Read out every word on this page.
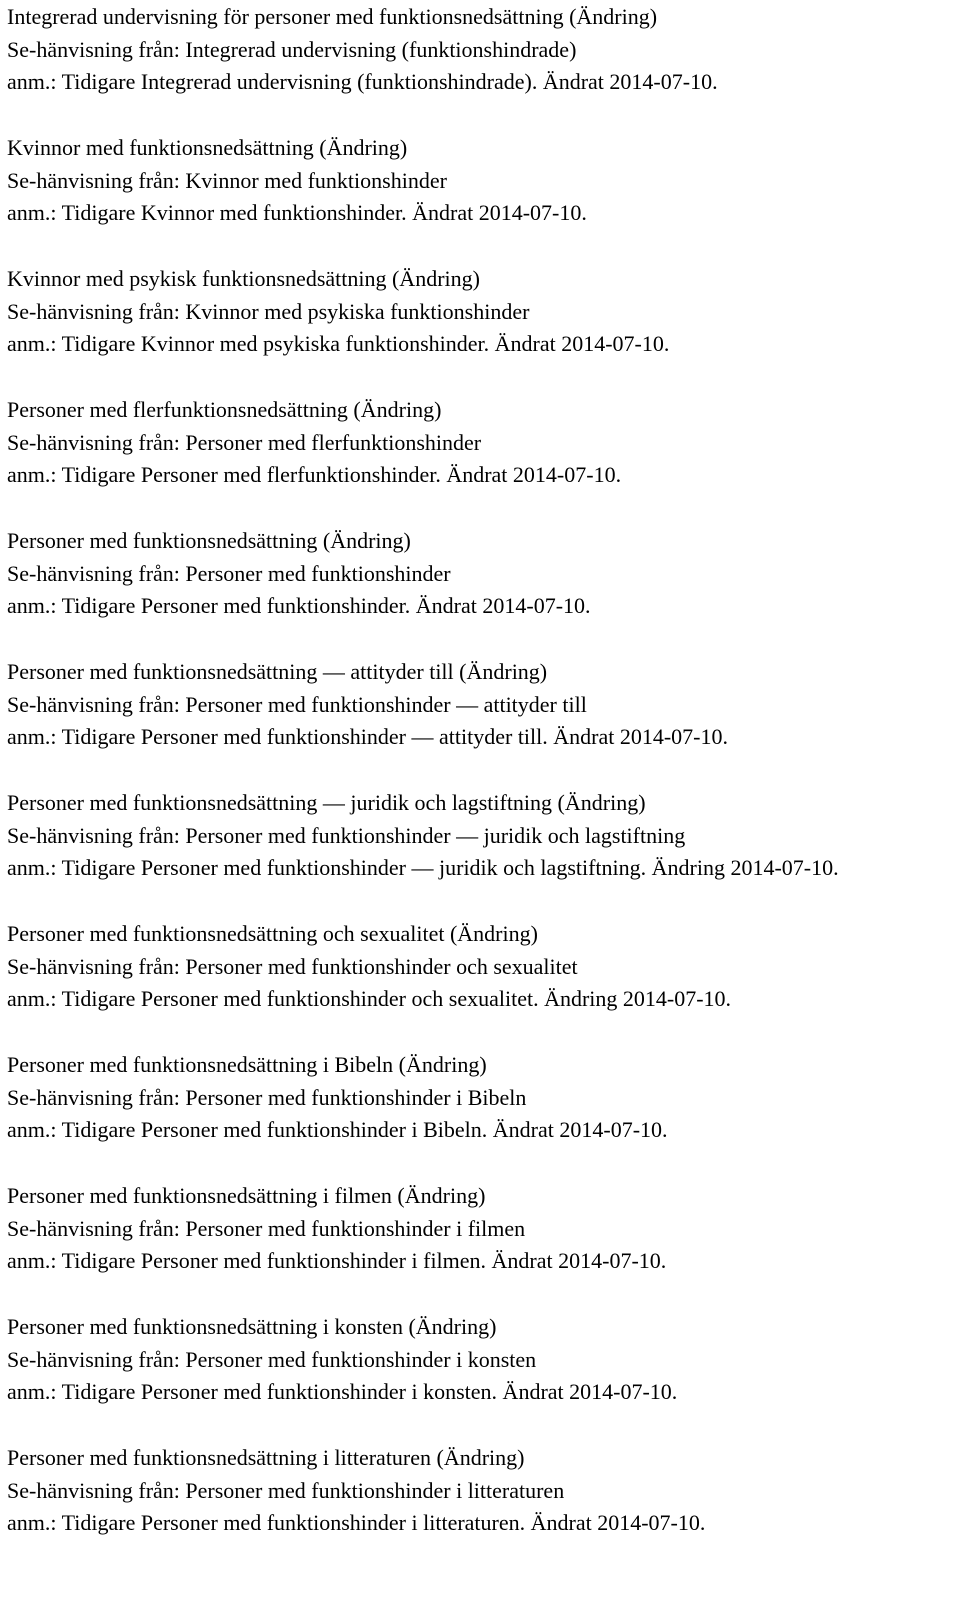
Integrerad undervisning för personer med funktionsnedsättning (Ändring)
Se-hänvisning från: Integrerad undervisning (funktionshindrade)
anm.: Tidigare Integrerad undervisning (funktionshindrade). Ändrat 2014-07-10.
Kvinnor med funktionsnedsättning (Ändring)
Se-hänvisning från: Kvinnor med funktionshinder
anm.: Tidigare Kvinnor med funktionshinder. Ändrat 2014-07-10.
Kvinnor med psykisk funktionsnedsättning (Ändring)
Se-hänvisning från: Kvinnor med psykiska funktionshinder
anm.: Tidigare Kvinnor med psykiska funktionshinder. Ändrat 2014-07-10.
Personer med flerfunktionsnedsättning (Ändring)
Se-hänvisning från: Personer med flerfunktionshinder
anm.: Tidigare Personer med flerfunktionshinder. Ändrat 2014-07-10.
Personer med funktionsnedsättning (Ändring)
Se-hänvisning från: Personer med funktionshinder
anm.: Tidigare Personer med funktionshinder. Ändrat 2014-07-10.
Personer med funktionsnedsättning — attityder till (Ändring)
Se-hänvisning från: Personer med funktionshinder — attityder till
anm.: Tidigare Personer med funktionshinder — attityder till. Ändrat 2014-07-10.
Personer med funktionsnedsättning — juridik och lagstiftning (Ändring)
Se-hänvisning från: Personer med funktionshinder — juridik och lagstiftning
anm.: Tidigare Personer med funktionshinder — juridik och lagstiftning. Ändring 2014-07-10.
Personer med funktionsnedsättning och sexualitet (Ändring)
Se-hänvisning från: Personer med funktionshinder och sexualitet
anm.: Tidigare Personer med funktionshinder och sexualitet. Ändring 2014-07-10.
Personer med funktionsnedsättning i Bibeln (Ändring)
Se-hänvisning från: Personer med funktionshinder i Bibeln
anm.: Tidigare Personer med funktionshinder i Bibeln. Ändrat 2014-07-10.
Personer med funktionsnedsättning i filmen (Ändring)
Se-hänvisning från: Personer med funktionshinder i filmen
anm.: Tidigare Personer med funktionshinder i filmen. Ändrat 2014-07-10.
Personer med funktionsnedsättning i konsten (Ändring)
Se-hänvisning från: Personer med funktionshinder i konsten
anm.: Tidigare Personer med funktionshinder i konsten. Ändrat 2014-07-10.
Personer med funktionsnedsättning i litteraturen (Ändring)
Se-hänvisning från: Personer med funktionshinder i litteraturen
anm.: Tidigare Personer med funktionshinder i litteraturen. Ändrat 2014-07-10.
